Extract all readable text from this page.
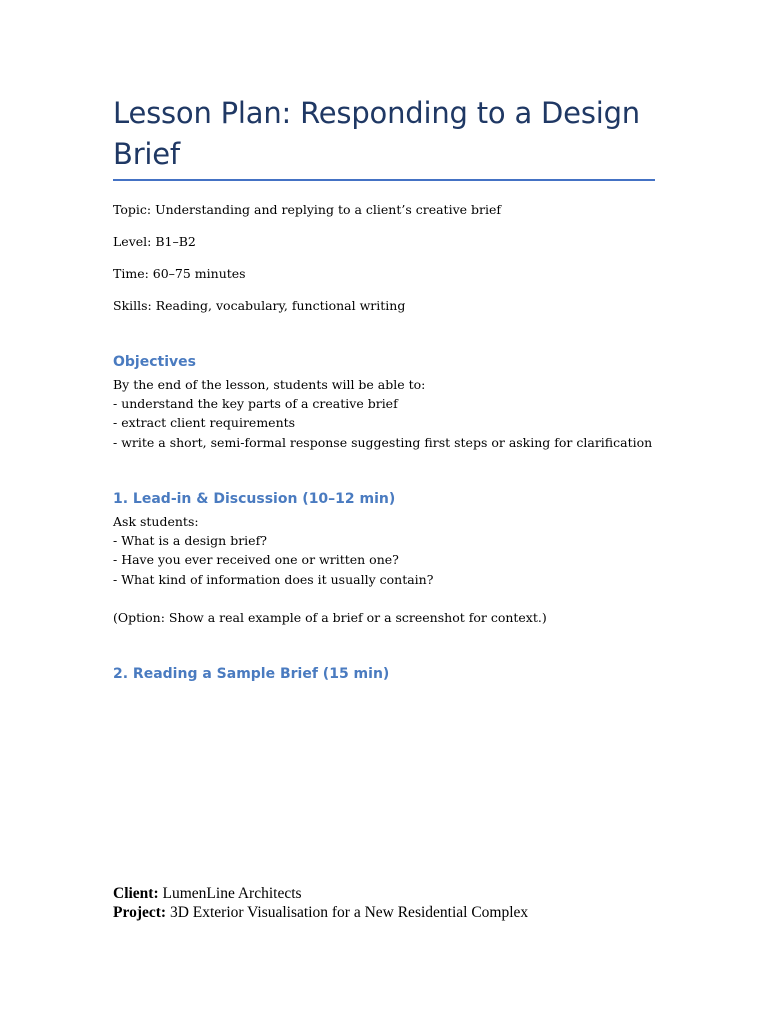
Lesson Plan: Responding to a Design Brief

Topic: Understanding and replying to a client’s creative brief

Level: B1–B2

Time: 60–75 minutes

Skills: Reading, vocabulary, functional writing

Objectives
By the end of the lesson, students will be able to:
- understand the key parts of a creative brief
- extract client requirements
- write a short, semi-formal response suggesting first steps or asking for clarification
1. Lead-in & Discussion (10–12 min)
Ask students:
- What is a design brief?
- Have you ever received one or written one?
- What kind of information does it usually contain?

(Option: Show a real example of a brief or a screenshot for context.)

2. Reading a Sample Brief (15 min)

Client: LumenLine Architects

Project: 3D Exterior Visualisation for a New Residential Complex
